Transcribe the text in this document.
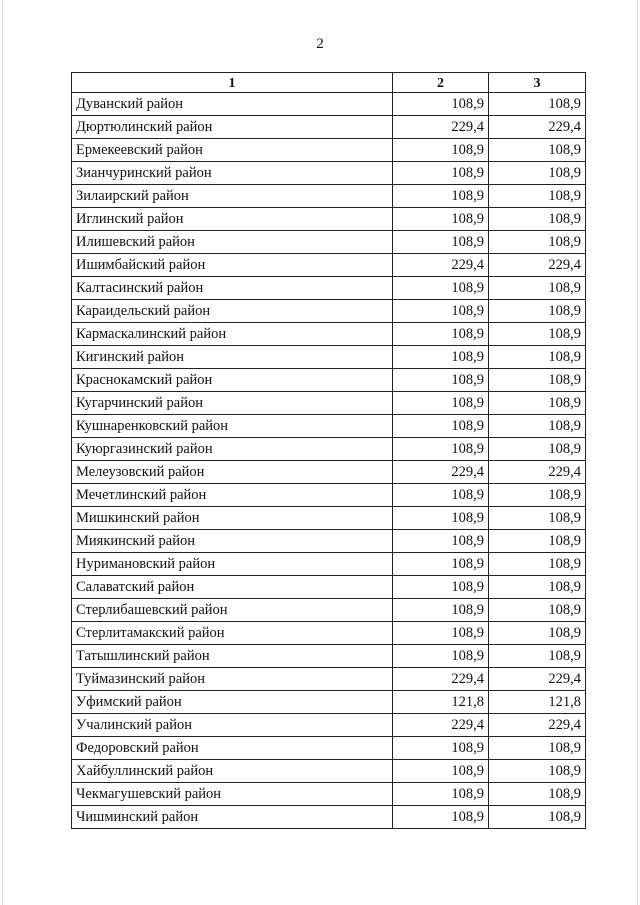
2
1	2	3
Дуванский район	108,9	108,9
Дюртюлинский район	229,4	229,4
Ермекеевский район	108,9	108,9
Зианчуринский район	108,9	108,9
Зилаирский район	108,9	108,9
Иглинский район	108,9	108,9
Илишевский район	108,9	108,9
Ишимбайский район	229,4	229,4
Калтасинский район	108,9	108,9
Караидельский район	108,9	108,9
Кармаскалинский район	108,9	108,9
Кигинский район	108,9	108,9
Краснокамский район	108,9	108,9
Кугарчинский район	108,9	108,9
Кушнаренковский район	108,9	108,9
Куюргазинский район	108,9	108,9
Мелеузовский район	229,4	229,4
Мечетлинский район	108,9	108,9
Мишкинский район	108,9	108,9
Миякинский район	108,9	108,9
Нуримановский район	108,9	108,9
Салаватский район	108,9	108,9
Стерлибашевский район	108,9	108,9
Стерлитамакский район	108,9	108,9
Татышлинский район	108,9	108,9
Туймазинский район	229,4	229,4
Уфимский район	121,8	121,8
Учалинский район	229,4	229,4
Федоровский район	108,9	108,9
Хайбуллинский район	108,9	108,9
Чекмагушевский район	108,9	108,9
Чишминский район	108,9	108,9
